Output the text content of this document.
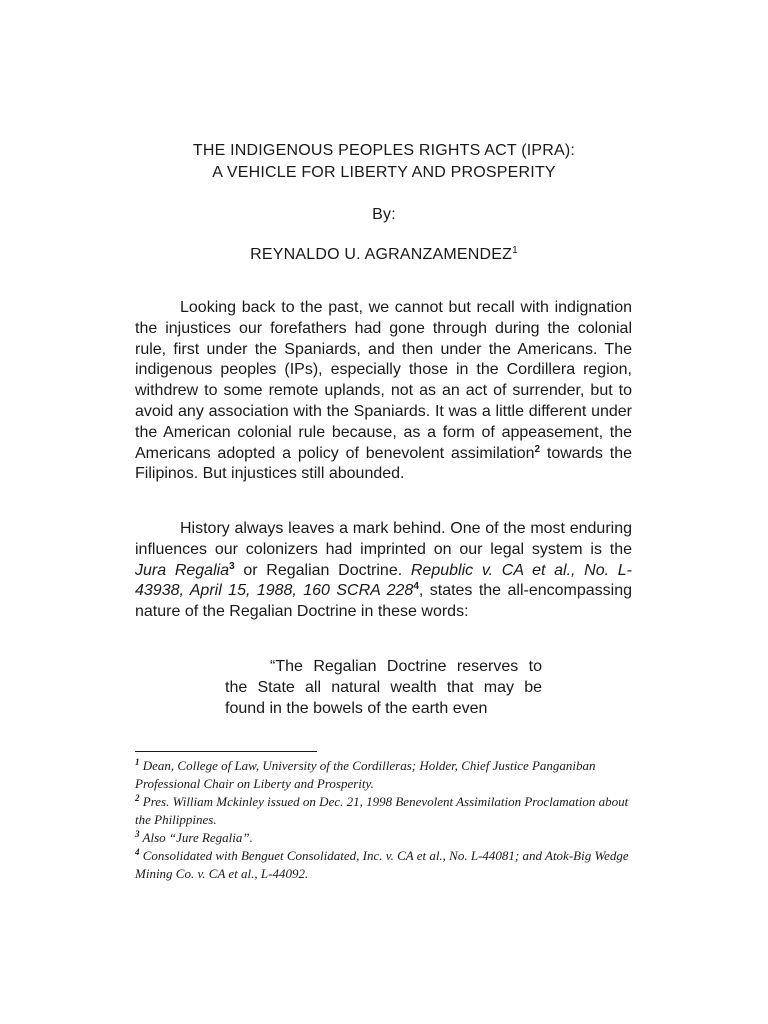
THE INDIGENOUS PEOPLES RIGHTS ACT (IPRA):
A VEHICLE FOR LIBERTY AND PROSPERITY
By:
REYNALDO U. AGRANZAMENDEZ$^1$

Looking back to the past, we cannot but recall with indignation the injustices our forefathers had gone through during the colonial rule, first under the Spaniards, and then under the Americans. The indigenous peoples (IPs), especially those in the Cordillera region, withdrew to some remote uplands, not as an act of surrender, but to avoid any association with the Spaniards. It was a little different under the American colonial rule because, as a form of appeasement, the Americans adopted a policy of benevolent assimilation$^2$ towards the Filipinos. But injustices still abounded.

History always leaves a mark behind. One of the most enduring influences our colonizers had imprinted on our legal system is the Jura Regalia$^3$ or Regalian Doctrine. Republic v. CA et al., No. L-43938, April 15, 1988, 160 SCRA $228^4$, states the all-encompassing nature of the Regalian Doctrine in these words:

“The Regalian Doctrine reserves to the State all natural wealth that may be found in the bowels of the earth even

$^1$ Dean, College of Law, University of the Cordilleras; Holder, Chief Justice Panganiban Professional Chair on Liberty and Prosperity.

$^2$ Pres. William Mckinley issued on Dec. 21, 1998 Benevolent Assimilation Proclamation about the Philippines.

$^3$ Also “Jure Regalia”.

$^4$ Consolidated with Benguet Consolidated, Inc. v. CA et al., No. L-44081; and Atok-Big Wedge Mining Co. v. CA et al., L-44092.
